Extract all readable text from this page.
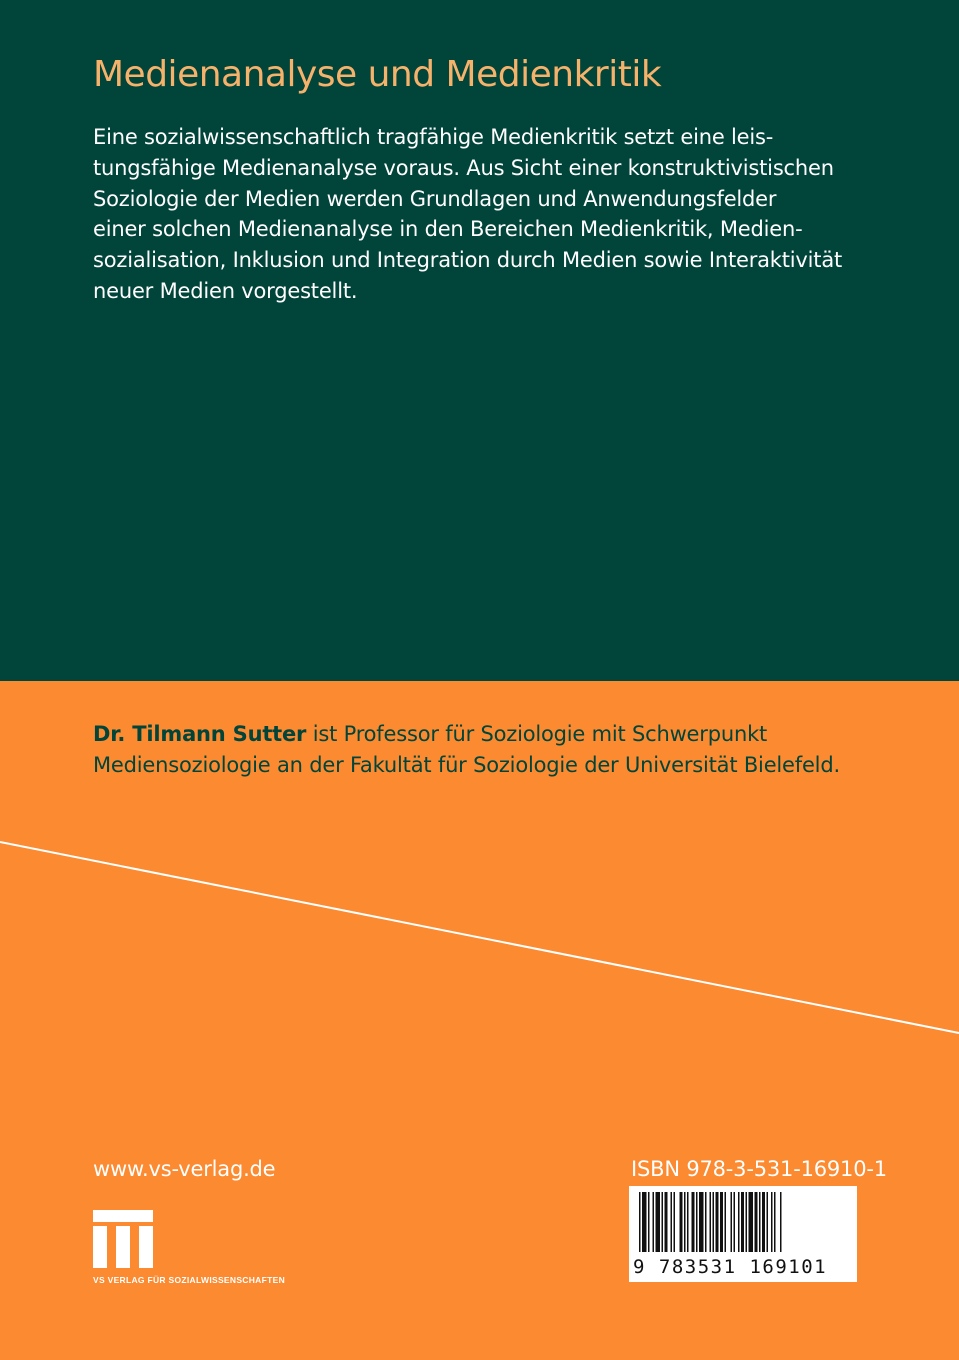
Medienanalyse und Medienkritik
Eine sozialwissenschaftlich tragfähige Medienkritik setzt eine leis-
tungsfähige Medienanalyse voraus. Aus Sicht einer konstruktivistischen
Soziologie der Medien werden Grundlagen und Anwendungsfelder
einer solchen Medienanalyse in den Bereichen Medienkritik, Medien-
sozialisation, Inklusion und Integration durch Medien sowie Interaktivität
neuer Medien vorgestellt.
Dr. Tilmann Sutter ist Professor für Soziologie mit Schwerpunkt
Mediensoziologie an der Fakultät für Soziologie der Universität Bielefeld.
www.vs-verlag.de
VS VERLAG FÜR SOZIALWISSENSCHAFTEN
ISBN 978-3-531-16910-1
9 783531 169101
